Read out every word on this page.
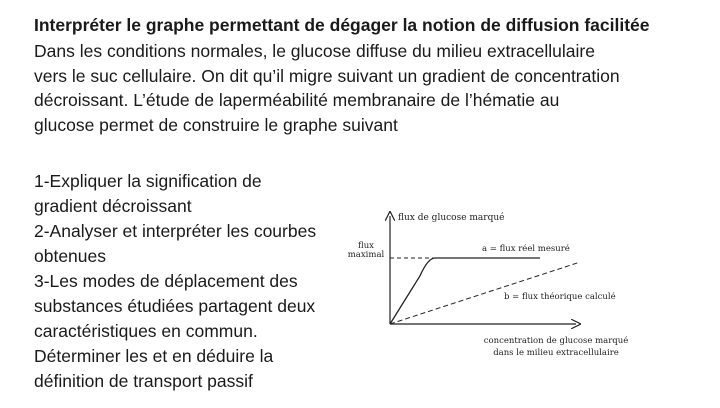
Interpréter le graphe permettant de dégager la notion de diffusion facilitée
Dans les conditions normales, le glucose diffuse du milieu extracellulaire
vers le suc cellulaire. On dit qu’il migre suivant un gradient de concentration
décroissant. L’étude de laperméabilité membranaire de l’hématie au
glucose permet de construire le graphe suivant
1-Expliquer la signification de
gradient décroissant
2-Analyser et interpréter les courbes
obtenues
3-Les modes de déplacement des
substances étudiées partagent deux
caractéristiques en commun.
Déterminer les et en déduire la
définition de transport passif
flux de glucose marqué
flux
maximal
concentration de glucose marqué
dans le milieu extracellulaire
a = flux réel mesuré
b = flux théorique calculé
